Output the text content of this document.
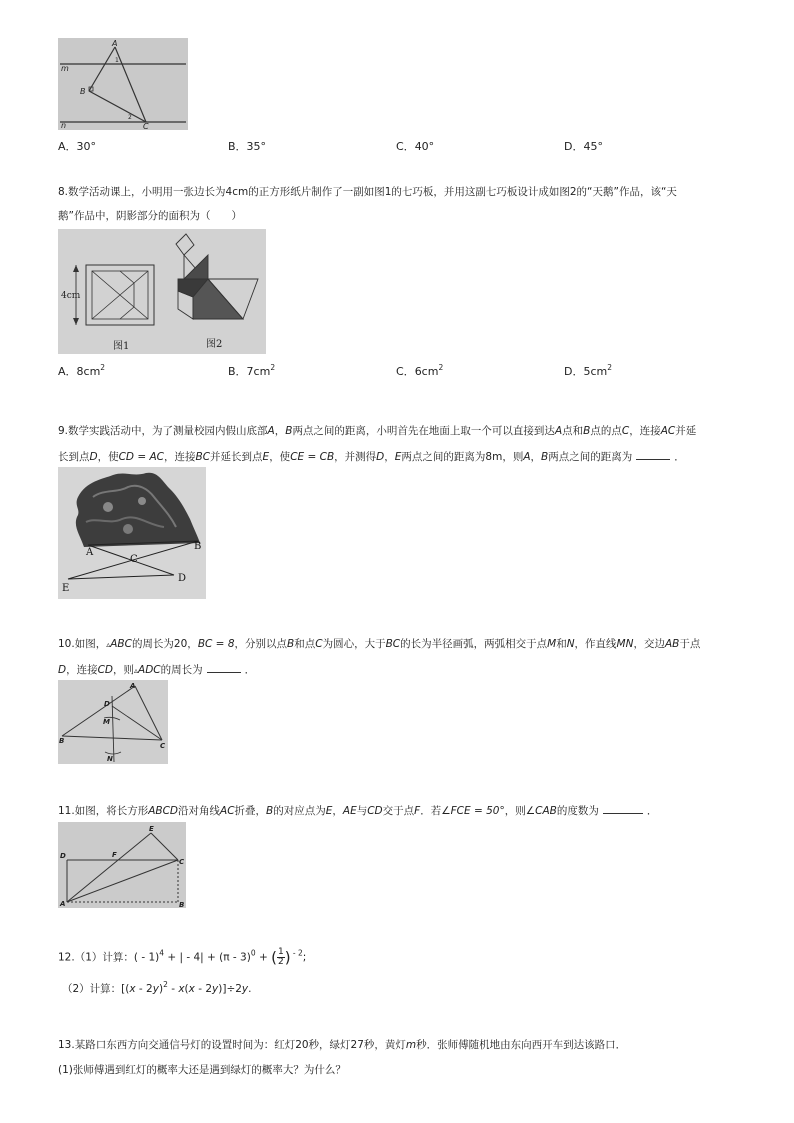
A
B
C
m
n
1
2
A．30°	B．35°	C．40°	D．45°
8.数学活动课上，小明用一张边长为4cm的正方形纸片制作了一副如图1的七巧板，并用这副七巧板设计成如图2的“天鹅”作品，该“天
鹅”作品中，阴影部分的面积为（　　）
4cm
图1	图2
A．$8cm^2$	B．$7cm^2$	C．$6cm^2$	D．$5cm^2$
9.数学实践活动中，为了测量校园内假山底部A，B两点之间的距离，小明首先在地面上取一个可以直接到达A点和B点的点C，连接AC并延
长到点D，使CD = AC，连接BC并延长到点E，使CE = CB，并测得D，E两点之间的距离为8m，则A，B两点之间的距离为	．
A
B
C
D
E
10.如图，▵ABC的周长为20，BC = 8，分别以点B和点C为圆心，大于BC的长为半径画弧，两弧相交于点M和N，作直线MN，交边AB于点
D，连接CD，则▵ADC的周长为	．
A
B
C
D
M
N
11.如图，将长方形ABCD沿对角线AC折叠，B的对应点为E，AE与CD交于点F．若∠FCE = 50°，则∠CAB的度数为	．
E
D	F
C
A	B
12.（1）计算：( - 1)$^4$ + | - 4| + (π - 3)$^0$ + ( $\frac{1}{2}$ ) $^{- 2}$;
（2）计算：[(x - 2y)$^2$ - x(x - 2y)]÷2y.
13.某路口东西方向交通信号灯的设置时间为：红灯20秒，绿灯27秒，黄灯m秒．张师傅随机地由东向西开车到达该路口．
(1)张师傅遇到红灯的概率大还是遇到绿灯的概率大？为什么？
